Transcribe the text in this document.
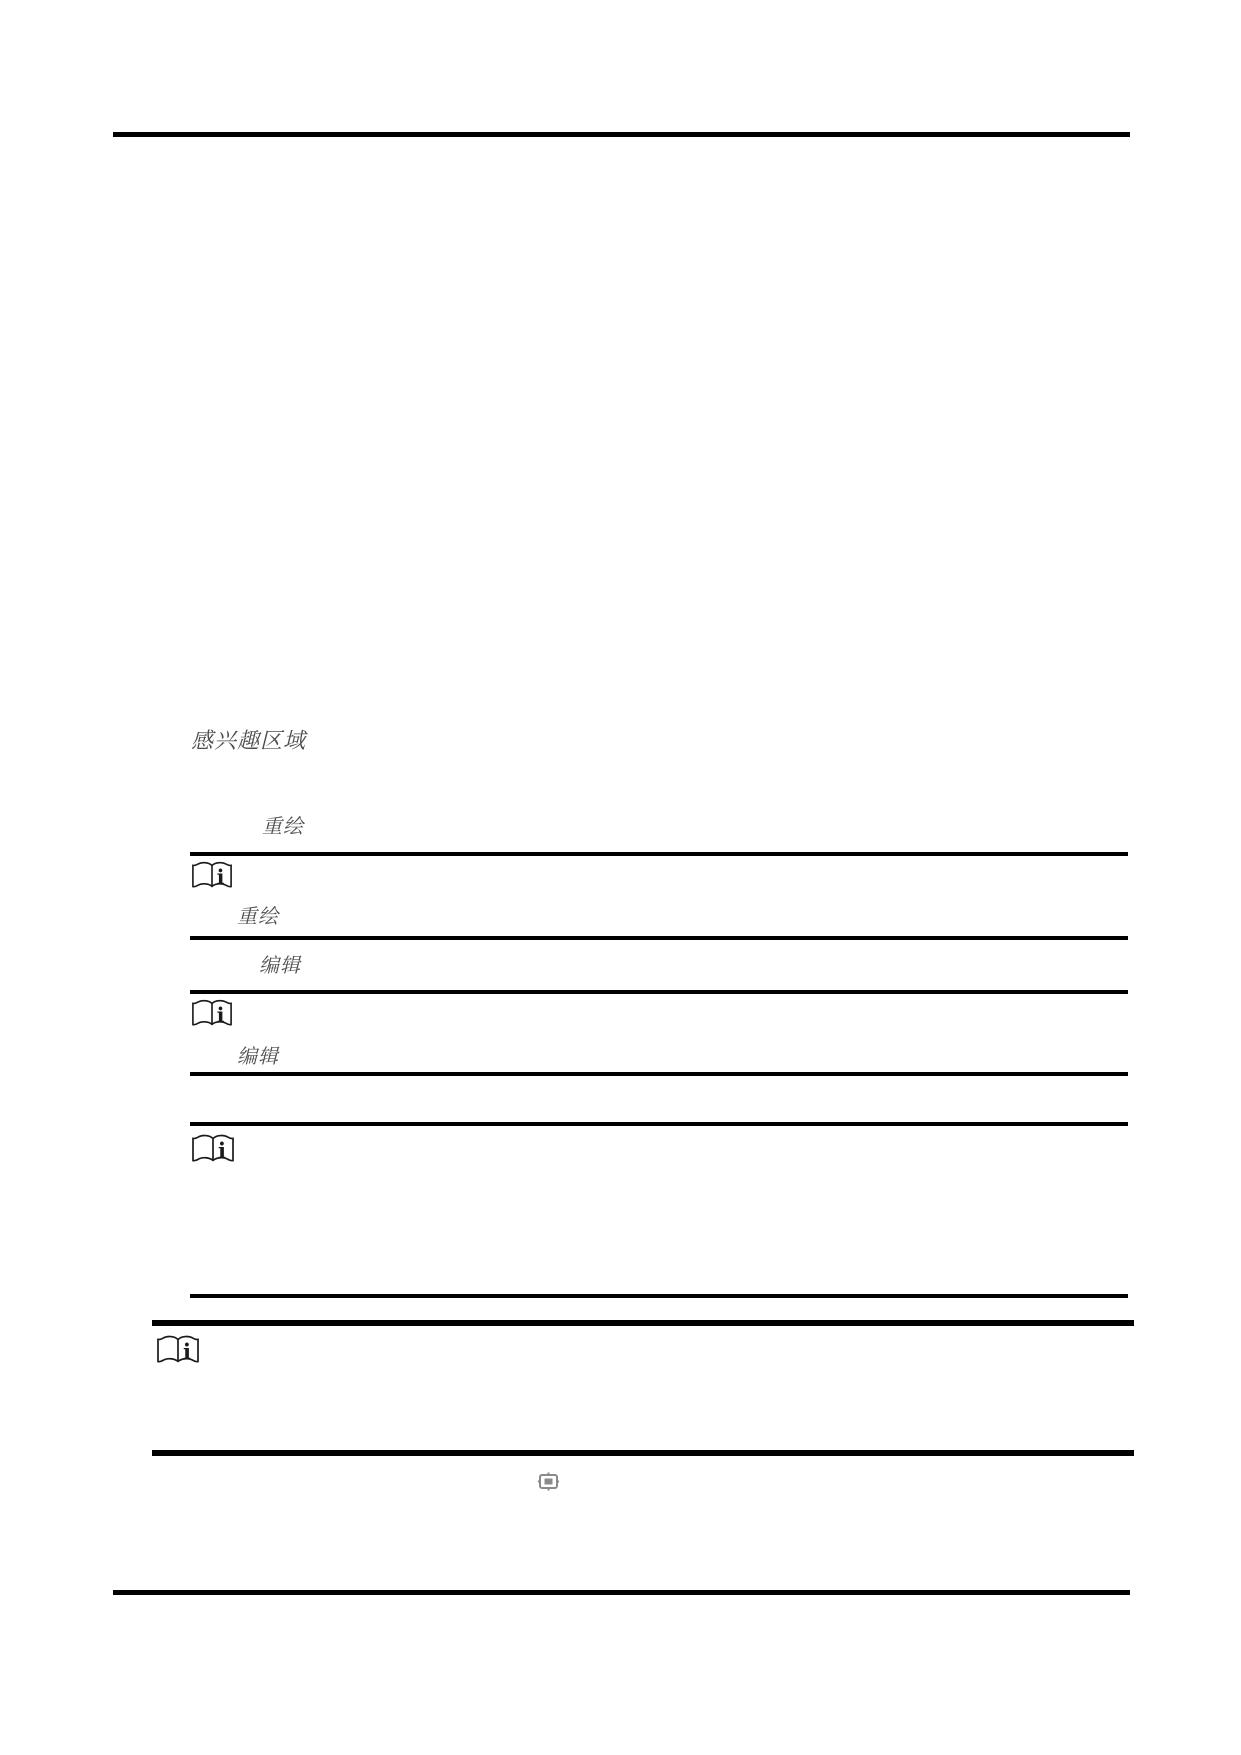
感兴趣区域
重绘
i
重绘
编辑
i
编辑
i
i
